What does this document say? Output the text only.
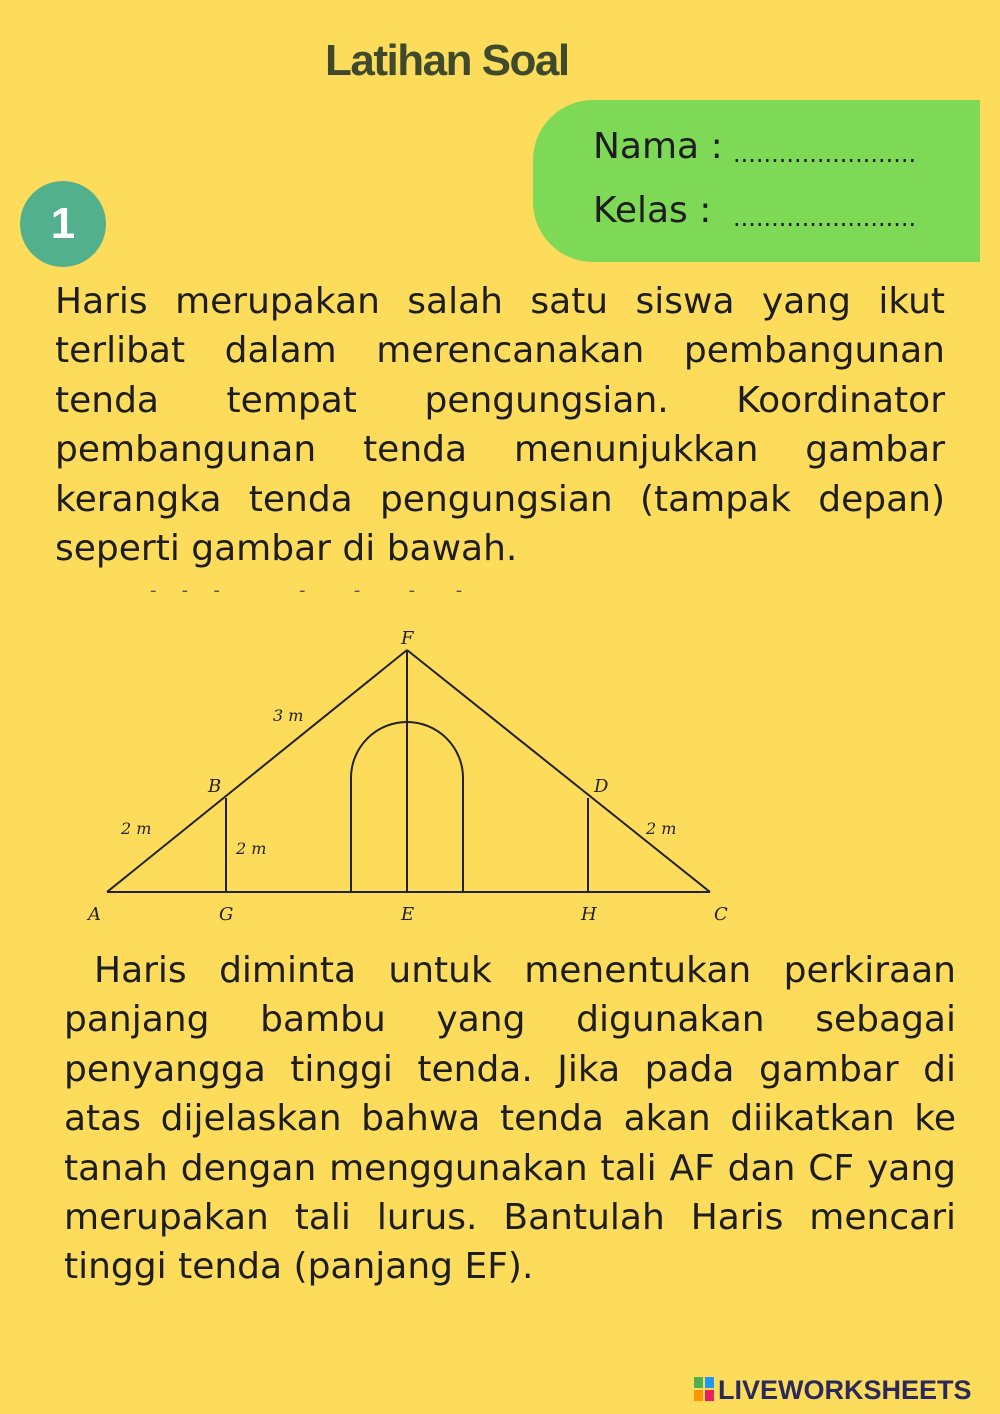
Latihan Soal
Nama : ........................
Kelas : ........................
1
Haris merupakan salah satu siswa yang ikut terlibat dalam merencanakan pembangunan tenda tempat pengungsian. Koordinator pembangunan tenda menunjukkan gambar kerangka tenda pengungsian (tampak depan) seperti gambar di bawah.
-   -   -          -      -      -     -
F
B	D
A	G	E	H	C
3 m
2 m
2 m
2 m
Haris diminta untuk menentukan perkiraan panjang bambu yang digunakan sebagai penyangga tinggi tenda. Jika pada gambar di atas dijelaskan bahwa tenda akan diikatkan ke tanah dengan menggunakan tali AF dan CF yang merupakan tali lurus. Bantulah Haris mencari tinggi tenda (panjang EF).
LIVEWORKSHEETS
